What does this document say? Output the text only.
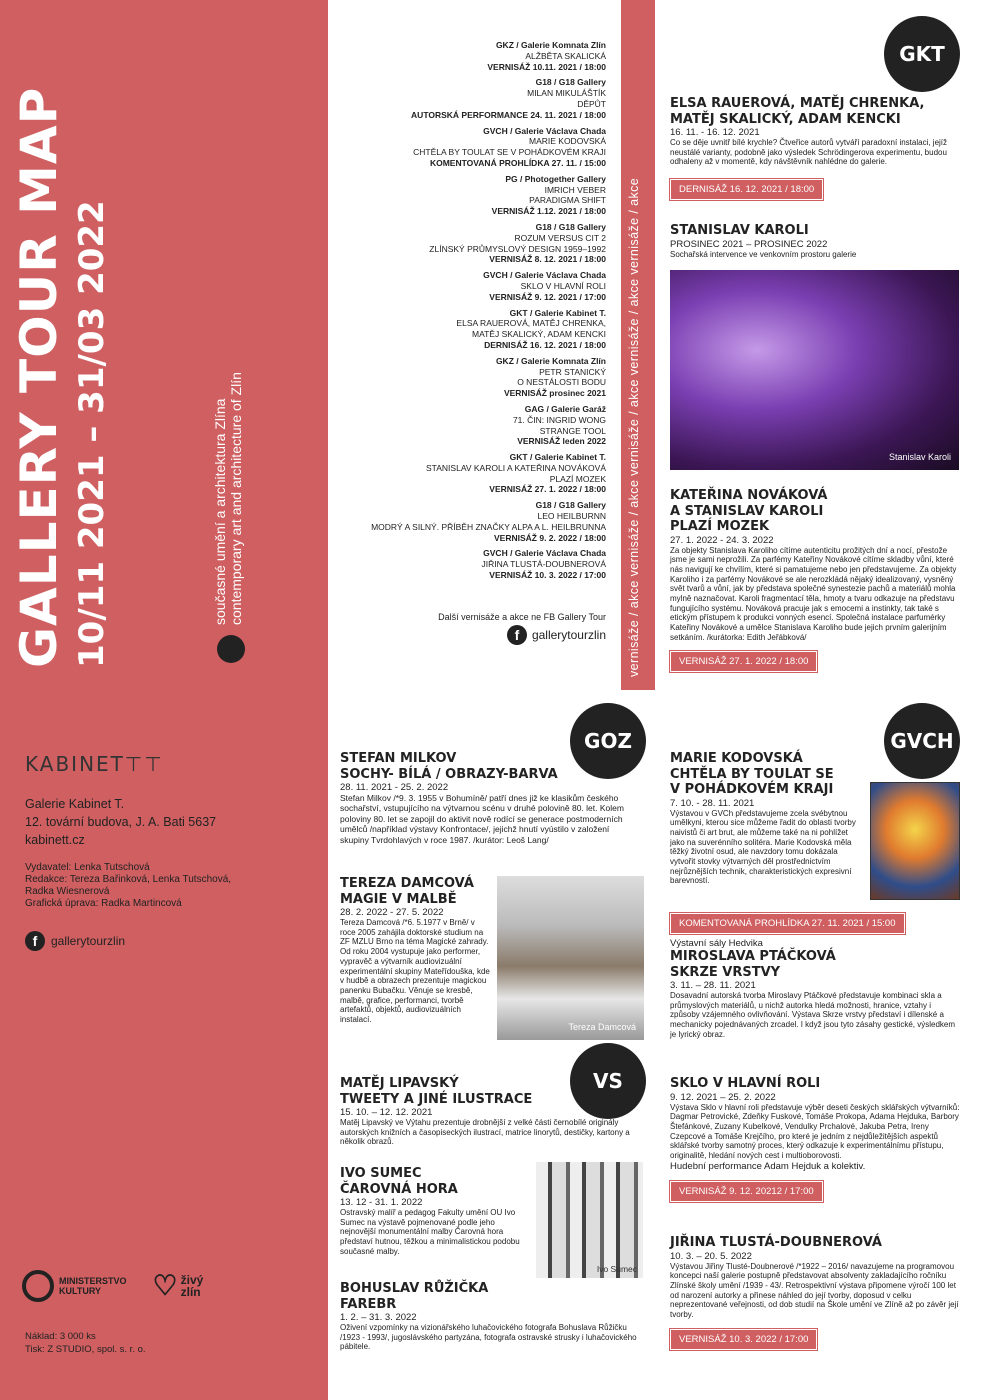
GALLERY TOUR MAP 10/11 2021 – 31/03 2022	současné umění a architektura Zlína contemporary art and architecture of Zlín
KABINET⊤⊤
Galerie Kabinet T.
12. tovární budova, J. A. Bati 5637
kabinett.cz
Vydavatel: Lenka Tutschová
Redakce: Tereza Bařinková, Lenka Tutschová,
Radka Wiesnerová
Grafická úprava: Radka Martincová
f	gallerytourzlin
MINISTERSTVO
KULTURY	♡ živý
zlín
Náklad: 3 000 ks
Tisk: Z STUDIO, spol. s. r. o.
GKZ / Galerie Komnata Zlín
ALŽBĚTA SKALICKÁ
VERNISÁŽ 10.11. 2021 / 18:00
G18 / G18 Gallery
MILAN MIKULÁŠTÍK
DĚPŮT
AUTORSKÁ PERFORMANCE 24. 11. 2021 / 18:00
GVCH / Galerie Václava Chada
MARIE KODOVSKÁ
CHTĚLA BY TOULAT SE V POHÁDKOVÉM KRAJI
KOMENTOVANÁ PROHLÍDKA 27. 11. / 15:00
PG / Photogether Gallery
IMRICH VEBER
PARADIGMA SHIFT
VERNISÁŽ 1.12. 2021 / 18:00
G18 / G18 Gallery
ROZUM VERSUS CIT 2
ZLÍNSKÝ PRŮMYSLOVÝ DESIGN 1959–1992
VERNISÁŽ 8. 12. 2021 / 18:00
GVCH / Galerie Václava Chada
SKLO V HLAVNÍ ROLI
VERNISÁŽ 9. 12. 2021 / 17:00
GKT / Galerie Kabinet T.
ELSA RAUEROVÁ, MATĚJ CHRENKA,
MATĚJ SKALICKÝ, ADAM KENCKI
DERNISÁŽ 16. 12. 2021 / 18:00
GKZ / Galerie Komnata Zlín
PETR STANICKÝ
O NESTÁLOSTI BODU
VERNISÁŽ prosinec 2021
GAG / Galerie Garáž
71. ČIN: INGRID WONG
STRANGE TOOL
VERNISÁŽ leden 2022
GKT / Galerie Kabinet T.
STANISLAV KAROLI A KATEŘINA NOVÁKOVÁ
PLAZÍ MOZEK
VERNISÁŽ 27. 1. 2022 / 18:00
G18 / G18 Gallery
LEO HEILBURNN
MODRÝ A SILNÝ. PŘÍBĚH ZNAČKY ALPA A L. HEILBRUNNA
VERNISÁŽ 9. 2. 2022 / 18:00
GVCH / Galerie Václava Chada
JIŘINA TLUSTÁ-DOUBNEROVÁ
VERNISÁŽ 10. 3. 2022 / 17:00
Další vernisáže a akce ne FB Gallery Tour
f	gallerytourzlin vernisáže / akce vernisáže / akce vernisáže / akce vernisáže / akce vernisáže / akce
GKT
ELSA RAUEROVÁ, MATĚJ CHRENKA,
MATĚJ SKALICKÝ, ADAM KENCKI
16. 11. - 16. 12. 2021
Co se děje uvnitř bílé krychle? Čtveřice autorů vytváří paradoxní instalaci, jejíž neustálé varianty, podobně jako výsledek Schrödingerova experimentu, budou odhaleny až v momentě, kdy návštěvník nahlédne do galerie.
DERNISÁŽ 16. 12. 2021 / 18:00
STANISLAV KAROLI
PROSINEC 2021 – PROSINEC 2022
Sochařská intervence ve venkovním prostoru galerie
Stanislav Karoli
KATEŘINA NOVÁKOVÁ
A STANISLAV KAROLI
PLAZÍ MOZEK
27. 1. 2022 - 24. 3. 2022
Za objekty Stanislava Karoliho cítíme autenticitu prožitých dní a nocí, přestože jsme je sami neprožili. Za parfémy Kateřiny Novákové cítíme skladby vůní, které nás navigují ke chvílím, které si pamatujeme nebo jen představujeme. Za objekty Karoliho i za parfémy Novákové se ale nerozkládá nějaký idealizovaný, vysněný svět tvarů a vůní, jak by představa společné synestezie pachů a materiálů mohla mylně naznačovat. Karoli fragmentací těla, hmoty a tvaru odkazuje na představu fungujícího systému. Nováková pracuje jak s emocemi a instinkty, tak také s etickým přístupem k produkci vonných esencí. Společná instalace parfumérky Kateřiny Novákové a umělce Stanislava Karoliho bude jejich prvním galerijním setkáním. /kurátorka: Edith Jeřábková/
VERNISÁŽ 27. 1. 2022 / 18:00
GOZ
STEFAN MILKOV
SOCHY- BÍLÁ / OBRAZY-BARVA
28. 11. 2021 - 25. 2. 2022
Stefan Milkov /*9. 3. 1955 v Bohumíně/ patří dnes již ke klasikům českého sochařství, vstupujícího na výtvarnou scénu v druhé polovině 80. let. Kolem poloviny 80. let se zapojil do aktivit nově rodící se generace postmoderních umělců /například výstavy Konfrontace/, jejichž hnutí vyústilo v založení skupiny Tvrdohlavých v roce 1987. /kurátor: Leoš Lang/
TEREZA DAMCOVÁ
MAGIE V MALBĚ
28. 2. 2022 - 27. 5. 2022
Tereza Damcová /*6. 5.1977 v Brně/ v roce 2005 zahájila doktorské studium na ZF MZLU Brno na téma Magické zahrady. Od roku 2004 vystupuje jako performer, vypravěč a výtvarník audiovizuální experimentální skupiny Mateřídouška, kde v hudbě a obrazech prezentuje magickou panenku Bubačku. Věnuje se kresbě, malbě, grafice, performanci, tvorbě artefaktů, objektů, audiovizuálních instalací.
Tereza Damcová
VS
MATĚJ LIPAVSKÝ
TWEETY A JINÉ ILUSTRACE
15. 10. – 12. 12. 2021
Matěj Lipavský ve Výtahu prezentuje drobnější z velké části černobílé originály autorských knižních a časopiseckých ilustrací, matrice linorytů, destičky, kartony a několik obrazů.
IVO SUMEC
ČAROVNÁ HORA
13. 12 - 31. 1. 2022
Ostravský malíř a pedagog Fakulty umění OU Ivo Sumec na výstavě pojmenované podle jeho nejnovější monumentální malby Čarovná hora představí hutnou, těžkou a minimalistickou podobu současné malby.
Ivo Sumec
BOHUSLAV RŮŽIČKA
FAREBR
1. 2. – 31. 3. 2022
Oživení vzpomínky na vizionářského luhačovického fotografa Bohuslava Růžičku /1923 - 1993/, jugoslávského partyzána, fotografa ostravské strusky i luhačovického pábitele.
GVCH
MARIE KODOVSKÁ
CHTĚLA BY TOULAT SE
V POHÁDKOVÉM KRAJI
7. 10. - 28. 11. 2021
Výstavou v GVCh představujeme zcela svébytnou umělkyni, kterou sice můžeme řadit do oblasti tvorby naivistů či art brut, ale můžeme také na ni pohlížet jako na suverénního solitéra. Marie Kodovská měla těžký životní osud, ale navzdory tomu dokázala vytvořit stovky výtvarných děl prostřednictvím nejrůznějších technik, charakteristických expresivní barevností.
KOMENTOVANÁ PROHLÍDKA 27. 11. 2021 / 15:00
Výstavní sály Hedvika
MIROSLAVA PTÁČKOVÁ
SKRZE VRSTVY
3. 11. – 28. 11. 2021
Dosavadní autorská tvorba Miroslavy Ptáčkové představuje kombinaci skla a průmyslových materiálů, u nichž autorka hledá možnosti, hranice, vztahy i způsoby vzájemného ovlivňování. Výstava Skrze vrstvy představí i dílenské a mechanicky pojednávaných zrcadel. I když jsou tyto zásahy gestické, výsledkem je lyrický obraz.
SKLO V HLAVNÍ ROLI
9. 12. 2021 – 25. 2. 2022
Výstava Sklo v hlavní roli představuje výběr deseti českých sklářských výtvarníků: Dagmar Petrovické, Zdeňky Fuskové, Tomáše Prokopa, Adama Hejduka, Barbory Štefánkové, Zuzany Kubelkové, Vendulky Prchalové, Jakuba Petra, Ireny Czepcové a Tomáše Krejčího, pro které je jedním z nejdůležitějších aspektů sklářské tvorby samotný proces, který odkazuje k experimentálnímu přístupu, originalitě, hledání nových cest i multioborovosti.
Hudební performance Adam Hejduk a kolektiv.
VERNISÁŽ 9. 12. 20212 / 17:00
JIŘINA TLUSTÁ-DOUBNEROVÁ
10. 3. – 20. 5. 2022
Výstavou Jiřiny Tlusté-Doubnerové /*1922 – 2016/ navazujeme na programovou koncepci naší galerie postupně představovat absolventy zakladajícího ročníku Zlínské školy umění /1939 - 43/. Retrospektivní výstava připomene výročí 100 let od narození autorky a přinese náhled do její tvorby, doposud v celku neprezentované veřejnosti, od dob studií na Škole umění ve Zlíně až po závěr její tvorby.
VERNISÁŽ 10. 3. 2022 / 17:00
